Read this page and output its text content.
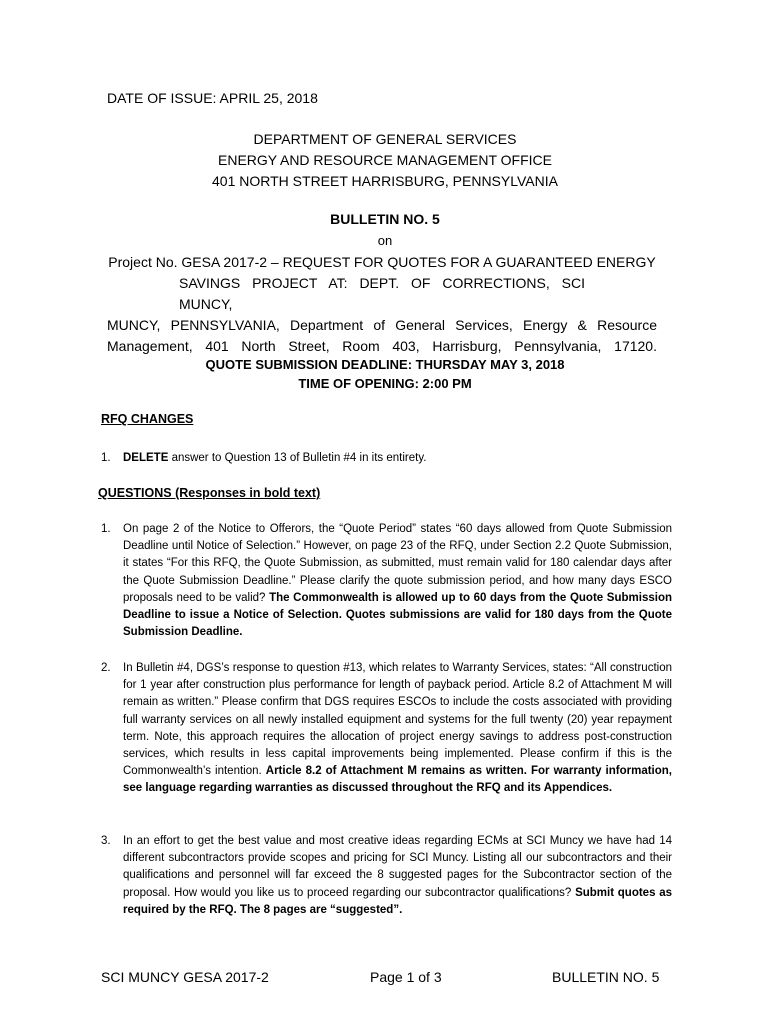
DATE OF ISSUE: APRIL 25, 2018
DEPARTMENT OF GENERAL SERVICES
ENERGY AND RESOURCE MANAGEMENT OFFICE
401 NORTH STREET HARRISBURG, PENNSYLVANIA
BULLETIN NO. 5
on
Project No. GESA 2017-2 – REQUEST FOR QUOTES FOR A GUARANTEED ENERGY
SAVINGS PROJECT AT: DEPT. OF CORRECTIONS, SCI MUNCY,
MUNCY, PENNSYLVANIA, Department of General Services, Energy & Resource
Management, 401 North Street, Room 403, Harrisburg, Pennsylvania, 17120.
QUOTE SUBMISSION DEADLINE: THURSDAY MAY 3, 2018
TIME OF OPENING: 2:00 PM
RFQ CHANGES
1. DELETE answer to Question 13 of Bulletin #4 in its entirety.
QUESTIONS (Responses in bold text)
1. On page 2 of the Notice to Offerors, the “Quote Period” states “60 days allowed from Quote Submission Deadline until Notice of Selection.” However, on page 23 of the RFQ, under Section 2.2 Quote Submission, it states “For this RFQ, the Quote Submission, as submitted, must remain valid for 180 calendar days after the Quote Submission Deadline.” Please clarify the quote submission period, and how many days ESCO proposals need to be valid? The Commonwealth is allowed up to 60 days from the Quote Submission Deadline to issue a Notice of Selection. Quotes submissions are valid for 180 days from the Quote Submission Deadline.
2. In Bulletin #4, DGS’s response to question #13, which relates to Warranty Services, states: “All construction for 1 year after construction plus performance for length of payback period. Article 8.2 of Attachment M will remain as written.” Please confirm that DGS requires ESCOs to include the costs associated with providing full warranty services on all newly installed equipment and systems for the full twenty (20) year repayment term. Note, this approach requires the allocation of project energy savings to address post-construction services, which results in less capital improvements being implemented. Please confirm if this is the Commonwealth’s intention. Article 8.2 of Attachment M remains as written. For warranty information, see language regarding warranties as discussed throughout the RFQ and its Appendices.
3. In an effort to get the best value and most creative ideas regarding ECMs at SCI Muncy we have had 14 different subcontractors provide scopes and pricing for SCI Muncy. Listing all our subcontractors and their qualifications and personnel will far exceed the 8 suggested pages for the Subcontractor section of the proposal. How would you like us to proceed regarding our subcontractor qualifications? Submit quotes as required by the RFQ. The 8 pages are “suggested”.
SCI MUNCY GESA 2017-2	Page 1 of 3	BULLETIN NO. 5
